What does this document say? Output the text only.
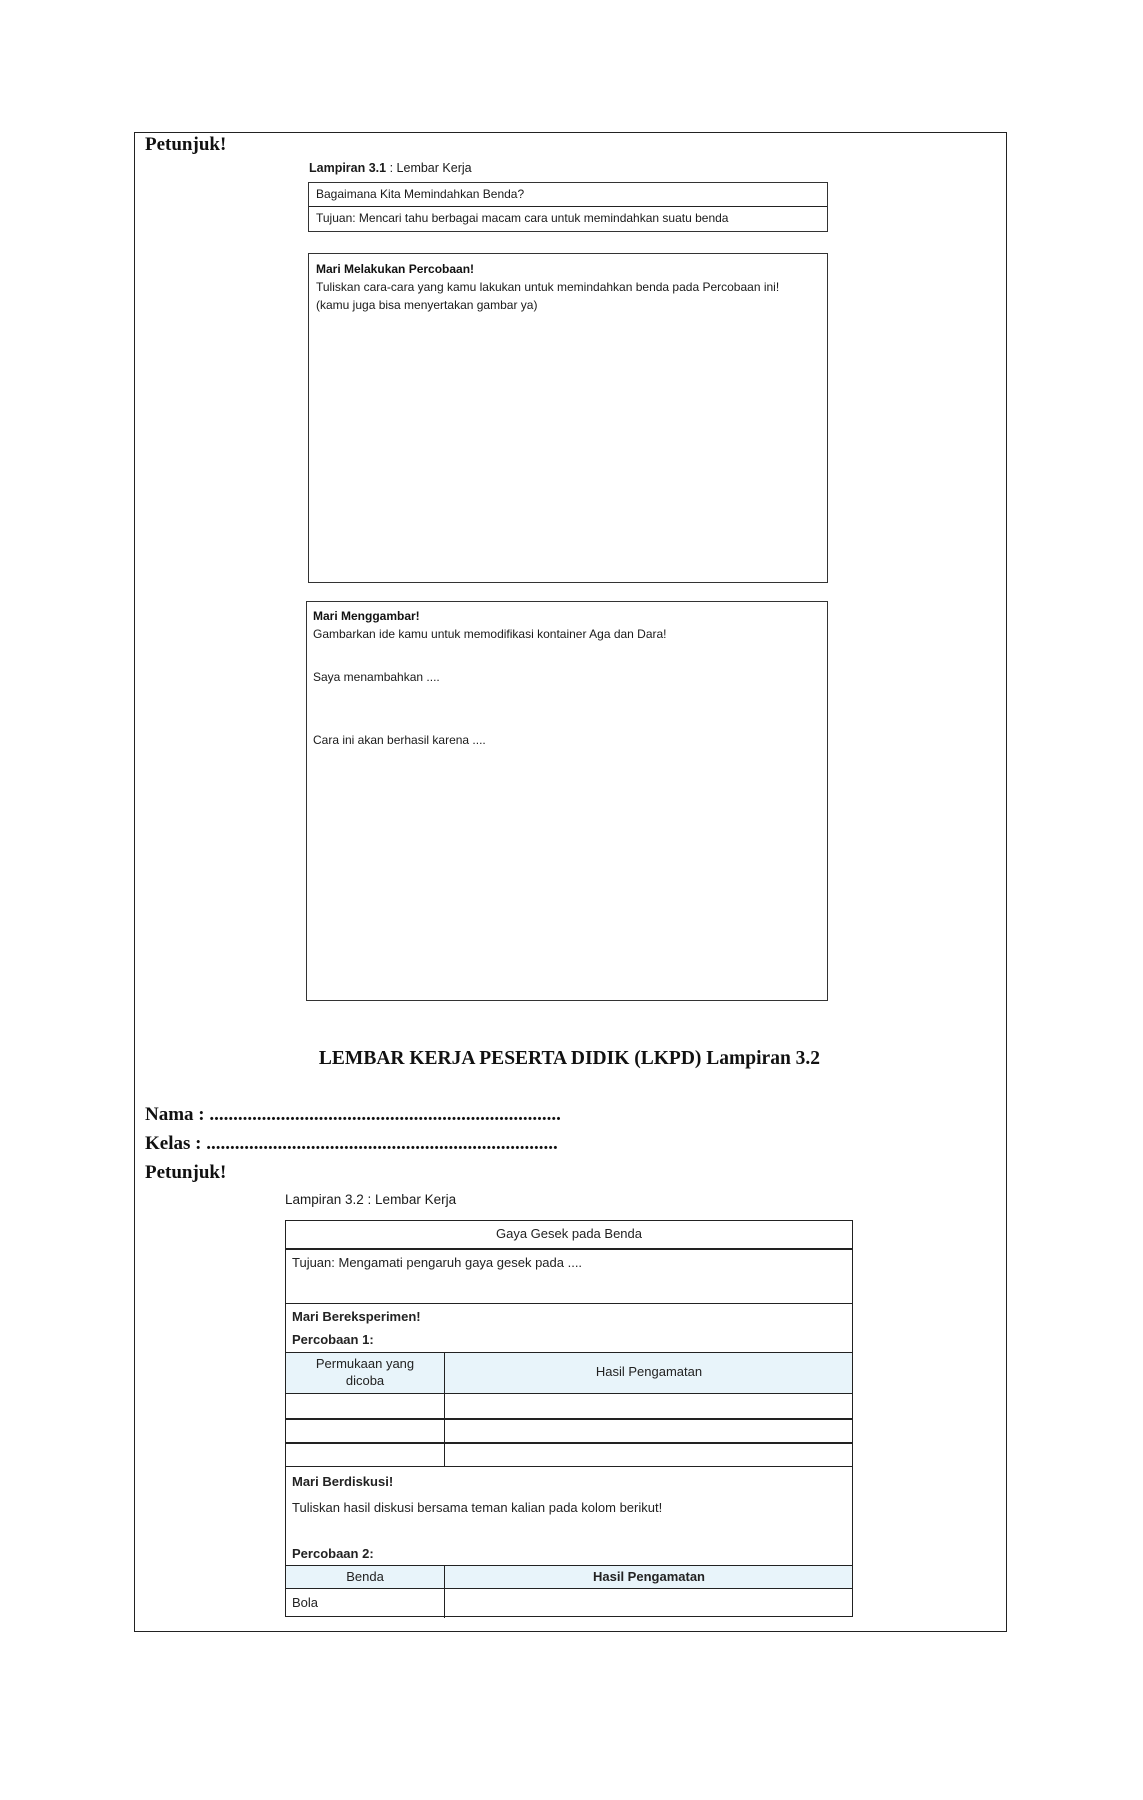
Petunjuk!
Lampiran 3.1 : Lembar Kerja
Bagaimana Kita Memindahkan Benda?
Tujuan: Mencari tahu berbagai macam cara untuk memindahkan suatu benda
Mari Melakukan Percobaan!
Tuliskan cara-cara yang kamu lakukan untuk memindahkan benda pada Percobaan ini!
(kamu juga bisa menyertakan gambar ya)
Mari Menggambar!
Gambarkan ide kamu untuk memodifikasi kontainer Aga dan Dara!
Saya menambahkan ....
Cara ini akan berhasil karena ....
LEMBAR KERJA PESERTA DIDIK (LKPD) Lampiran 3.2
Nama : ..........................................................................
Kelas : ..........................................................................
Petunjuk!
Lampiran 3.2 : Lembar Kerja
Gaya Gesek pada Benda
Tujuan: Mengamati pengaruh gaya gesek pada ....
Mari Bereksperimen!
Percobaan 1:
Permukaan yang
dicoba
Hasil Pengamatan
Mari Berdiskusi!
Tuliskan hasil diskusi bersama teman kalian pada kolom berikut!
Percobaan 2:
Benda	Hasil Pengamatan
Bola
